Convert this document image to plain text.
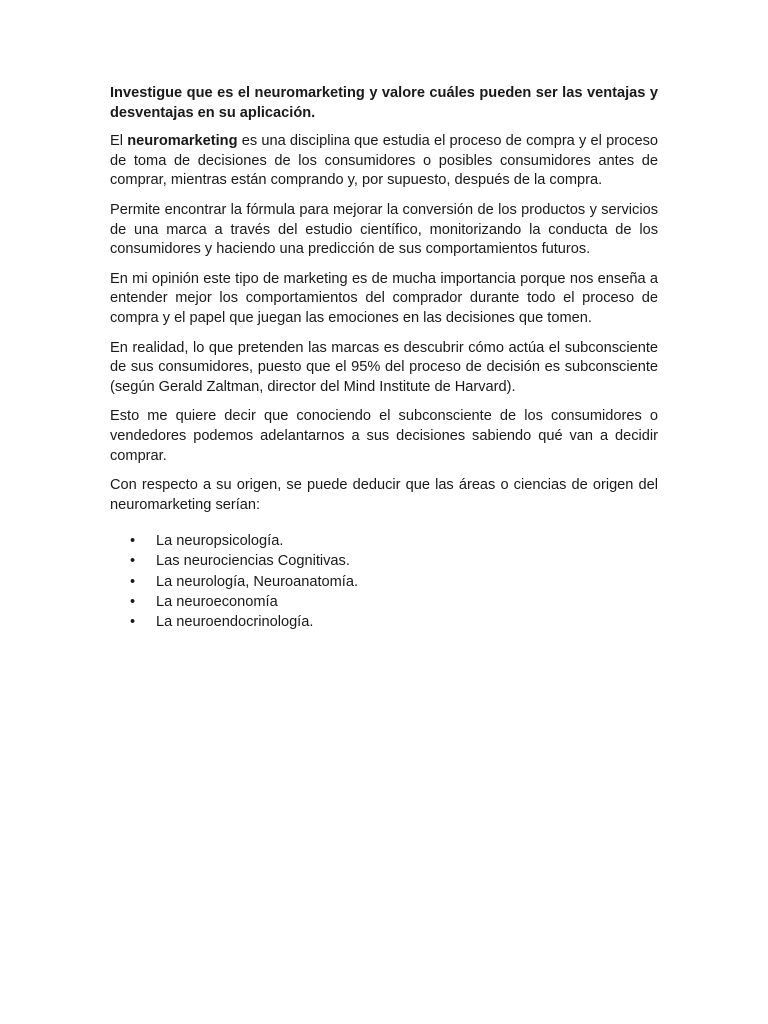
Investigue que es el neuromarketing y valore cuáles pueden ser las ventajas y desventajas en su aplicación.

El neuromarketing es una disciplina que estudia el proceso de compra y el proceso de toma de decisiones de los consumidores o posibles consumidores antes de comprar, mientras están comprando y, por supuesto, después de la compra.

Permite encontrar la fórmula para mejorar la conversión de los productos y servicios de una marca a través del estudio científico, monitorizando la conducta de los consumidores y haciendo una predicción de sus comportamientos futuros.

En mi opinión este tipo de marketing es de mucha importancia porque nos enseña a entender mejor los comportamientos del comprador durante todo el proceso de compra y el papel que juegan las emociones en las decisiones que tomen.

En realidad, lo que pretenden las marcas es descubrir cómo actúa el subconsciente de sus consumidores, puesto que el 95% del proceso de decisión es subconsciente (según Gerald Zaltman, director del Mind Institute de Harvard).

Esto me quiere decir que conociendo el subconsciente de los consumidores o vendedores podemos adelantarnos a sus decisiones sabiendo qué van a decidir comprar.

Con respecto a su origen, se puede deducir que las áreas o ciencias de origen del neuromarketing serían:

• La neuropsicología.
• Las neurociencias Cognitivas.
• La neurología, Neuroanatomía.
• La neuroeconomía
• La neuroendocrinología.
